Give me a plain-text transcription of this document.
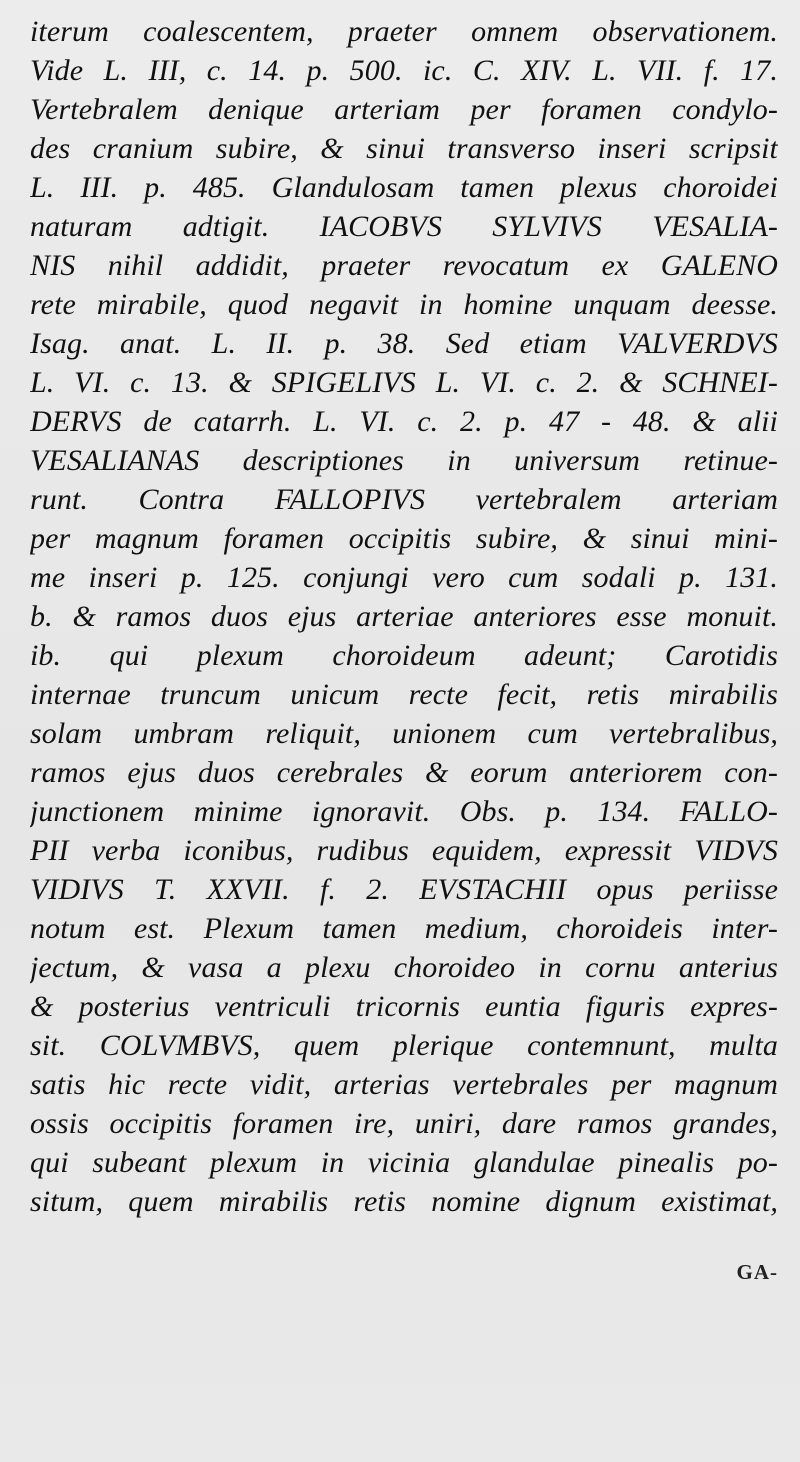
iterum coalescentem, praeter omnem observationem.
Vide L. III, c. 14. p. 500. ic. C. XIV. L. VII. f. 17.
Vertebralem denique arteriam per foramen condylo-
des cranium subire, & sinui transverso inseri scripsit
L. III. p. 485. Glandulosam tamen plexus choroidei
naturam adtigit. IACOBVS SYLVIVS VESALIA-
NIS nihil addidit, praeter revocatum ex GALENO
rete mirabile, quod negavit in homine unquam deesse.
Isag. anat. L. II. p. 38. Sed etiam VALVERDVS
L. VI. c. 13. & SPIGELIVS L. VI. c. 2. & SCHNEI-
DERVS de catarrh. L. VI. c. 2. p. 47 - 48. & alii
VESALIANAS descriptiones in universum retinue-
runt. Contra FALLOPIVS vertebralem arteriam
per magnum foramen occipitis subire, & sinui mini-
me inseri p. 125. conjungi vero cum sodali p. 131.
b. & ramos duos ejus arteriae anteriores esse monuit.
ib. qui plexum choroideum adeunt; Carotidis
internae truncum unicum recte fecit, retis mirabilis
solam umbram reliquit, unionem cum vertebralibus,
ramos ejus duos cerebrales & eorum anteriorem con-
junctionem minime ignoravit. Obs. p. 134. FALLO-
PII verba iconibus, rudibus equidem, expressit VIDVS
VIDIVS T. XXVII. f. 2. EVSTACHII opus periisse
notum est. Plexum tamen medium, choroideis inter-
jectum, & vasa a plexu choroideo in cornu anterius
& posterius ventriculi tricornis euntia figuris expres-
sit. COLVMBVS, quem plerique contemnunt, multa
satis hic recte vidit, arterias vertebrales per magnum
ossis occipitis foramen ire, uniri, dare ramos grandes,
qui subeant plexum in vicinia glandulae pinealis po-
situm, quem mirabilis retis nomine dignum existimat,
GA-
